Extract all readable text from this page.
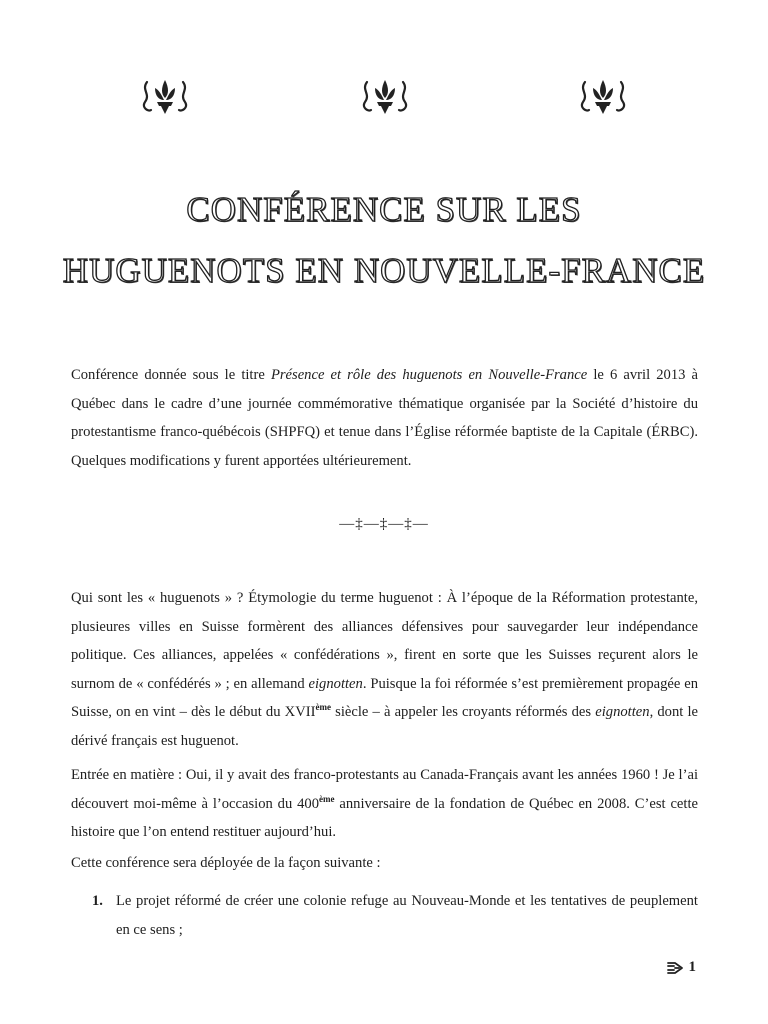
CONFÉRENCE SUR LES
HUGUENOTS EN NOUVELLE-FRANCE

Conférence donnée sous le titre Présence et rôle des huguenots en Nouvelle-France le 6 avril 2013 à Québec dans le cadre d’une journée commémorative thématique organisée par la Société d’histoire du protestantisme franco-québécois (SHPFQ) et tenue dans l’Église réformée baptiste de la Capitale (ÉRBC). Quelques modifications y furent apportées ultérieurement.

—‡—‡—‡—

Qui sont les « huguenots » ? Étymologie du terme huguenot : À l’époque de la Réformation protestante, plusieures villes en Suisse formèrent des alliances défensives pour sauvegarder leur indépendance politique. Ces alliances, appelées « confédérations », firent en sorte que les Suisses reçurent alors le surnom de « confédérés » ; en allemand eignotten. Puisque la foi réformée s’est premièrement propagée en Suisse, on en vint – dès le début du XVIIème siècle – à appeler les croyants réformés des eignotten, dont le dérivé français est huguenot.

Entrée en matière : Oui, il y avait des franco-protestants au Canada-Français avant les années 1960 ! Je l’ai découvert moi-même à l’occasion du 400ème anniversaire de la fondation de Québec en 2008. C’est cette histoire que l’on entend restituer aujourd’hui.

Cette conférence sera déployée de la façon suivante :

1. Le projet réformé de créer une colonie refuge au Nouveau-Monde et les tentatives de peuplement en ce sens ;
1
